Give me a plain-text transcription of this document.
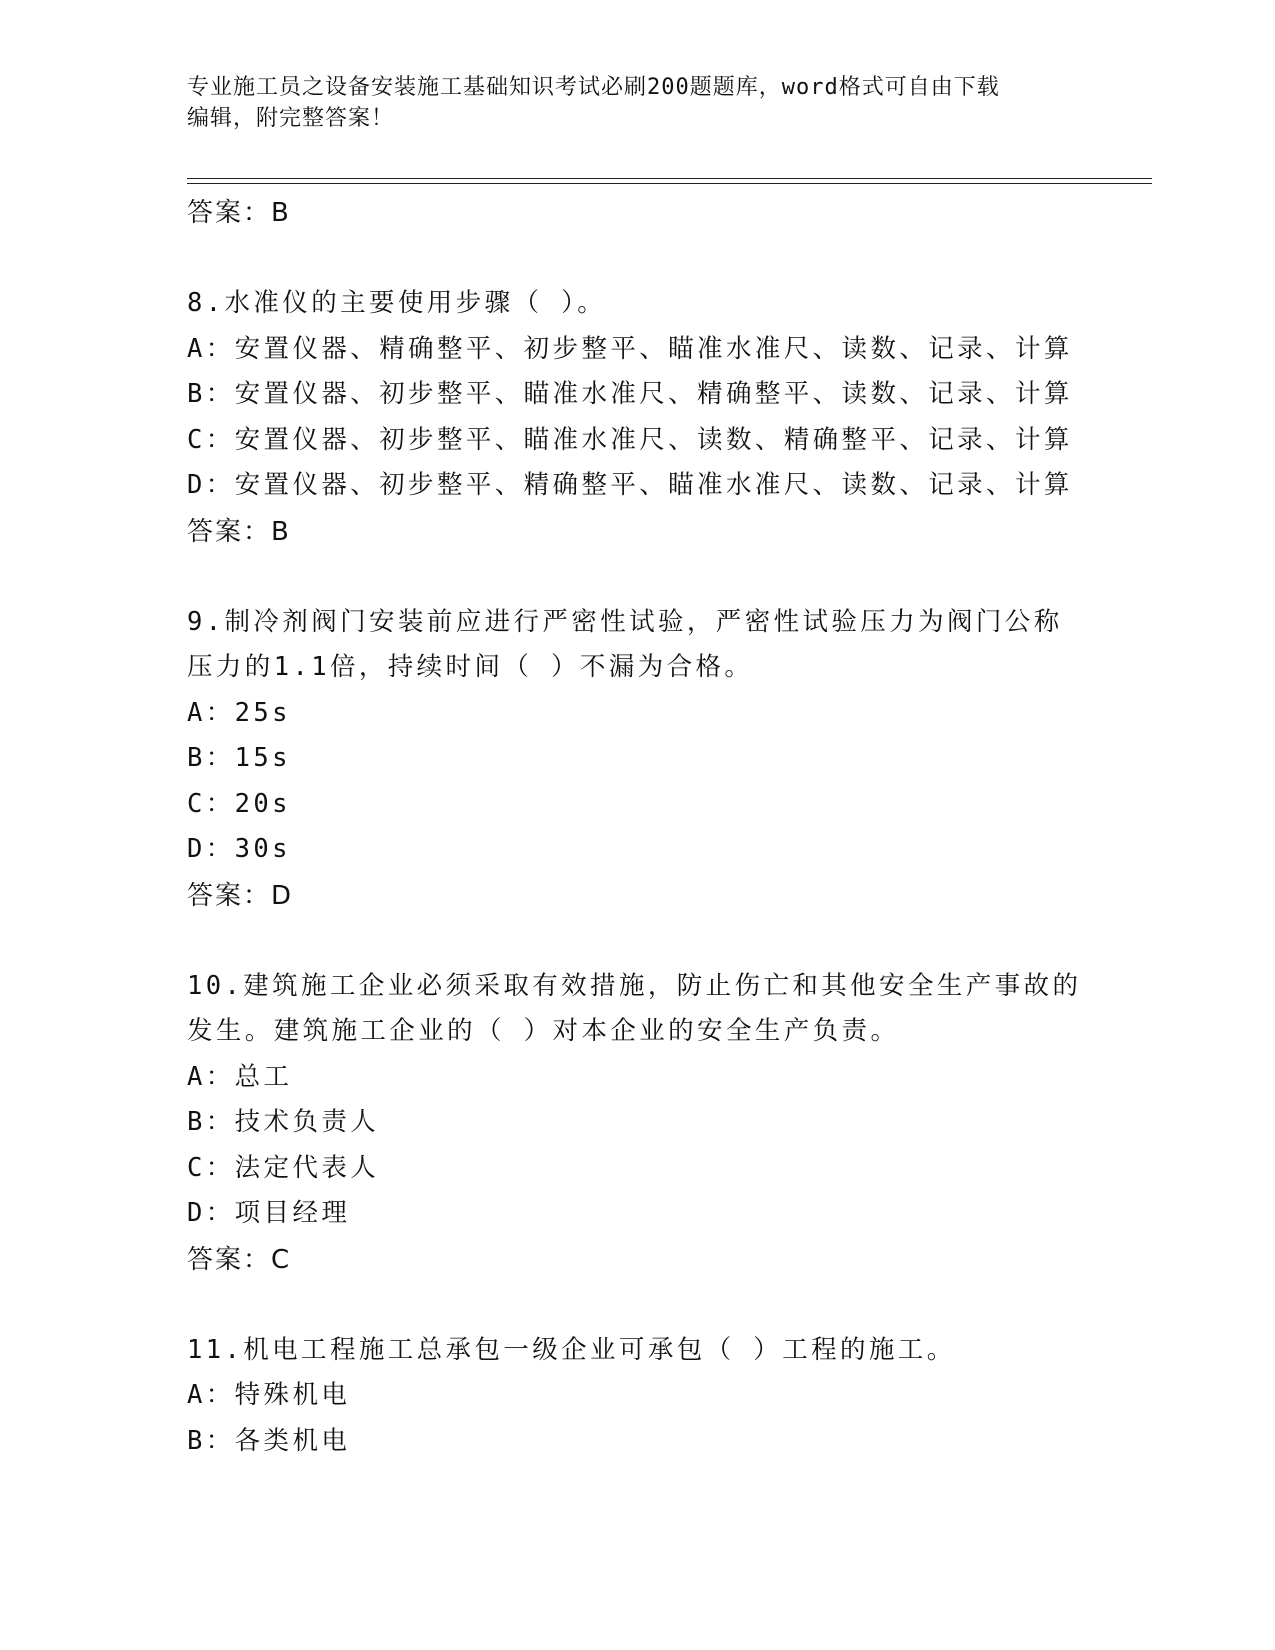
专业施工员之设备安装施工基础知识考试必刷200题题库，word格式可自由下载
编辑，附完整答案！
答案：B
8.水准仪的主要使用步骤（ ）。
A：安置仪器、精确整平、初步整平、瞄准水准尺、读数、记录、计算
B：安置仪器、初步整平、瞄准水准尺、精确整平、读数、记录、计算
C：安置仪器、初步整平、瞄准水准尺、读数、精确整平、记录、计算
D：安置仪器、初步整平、精确整平、瞄准水准尺、读数、记录、计算
答案：B
9.制冷剂阀门安装前应进行严密性试验，严密性试验压力为阀门公称压力的1.1倍，持续时间（ ）不漏为合格。
A：25s
B：15s
C：20s
D：30s
答案：D
10.建筑施工企业必须采取有效措施，防止伤亡和其他安全生产事故的发生。建筑施工企业的（ ）对本企业的安全生产负责。
A：总工
B：技术负责人
C：法定代表人
D：项目经理
答案：C
11.机电工程施工总承包一级企业可承包（ ）工程的施工。
A：特殊机电
B：各类机电
